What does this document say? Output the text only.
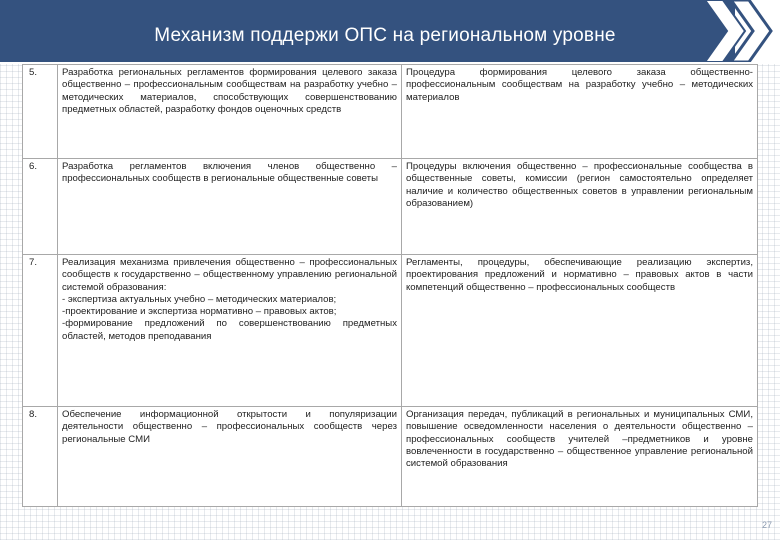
Механизм поддержи ОПС на региональном уровне
5.	Разработка региональных регламентов формирования целевого заказа общественно – профессиональным сообществам на разработку учебно – методических материалов, способствующих совершенствованию предметных областей, разработку фондов оценочных средств	Процедура формирования целевого заказа общественно-профессиональным сообществам на разработку учебно – методических материалов
6.	Разработка регламентов включения членов общественно – профессиональных сообществ в региональные общественные советы	Процедуры включения общественно – профессиональные сообщества в общественные советы, комиссии (регион самостоятельно определяет наличие и количество общественных советов в управлении региональным образованием)
7.	Реализация механизма привлечения общественно – профессиональных сообществ к государственно – общественному управлению региональной системой образования:
- экспертиза актуальных учебно – методических материалов;
-проектирование и экспертиза нормативно – правовых актов;
-формирование предложений по совершенствованию предметных областей, методов преподавания	Регламенты, процедуры, обеспечивающие реализацию экспертиз, проектирования предложений и нормативно – правовых актов в части компетенций общественно – профессиональных сообществ
8.	Обеспечение информационной открытости и популяризации деятельности общественно – профессиональных сообществ через региональные СМИ	Организация передач, публикаций в региональных и муниципальных СМИ, повышение осведомленности населения о деятельности общественно –профессиональных сообществ учителей –предметников и уровне вовлеченности в государственно – общественное управление региональной системой образования
27
